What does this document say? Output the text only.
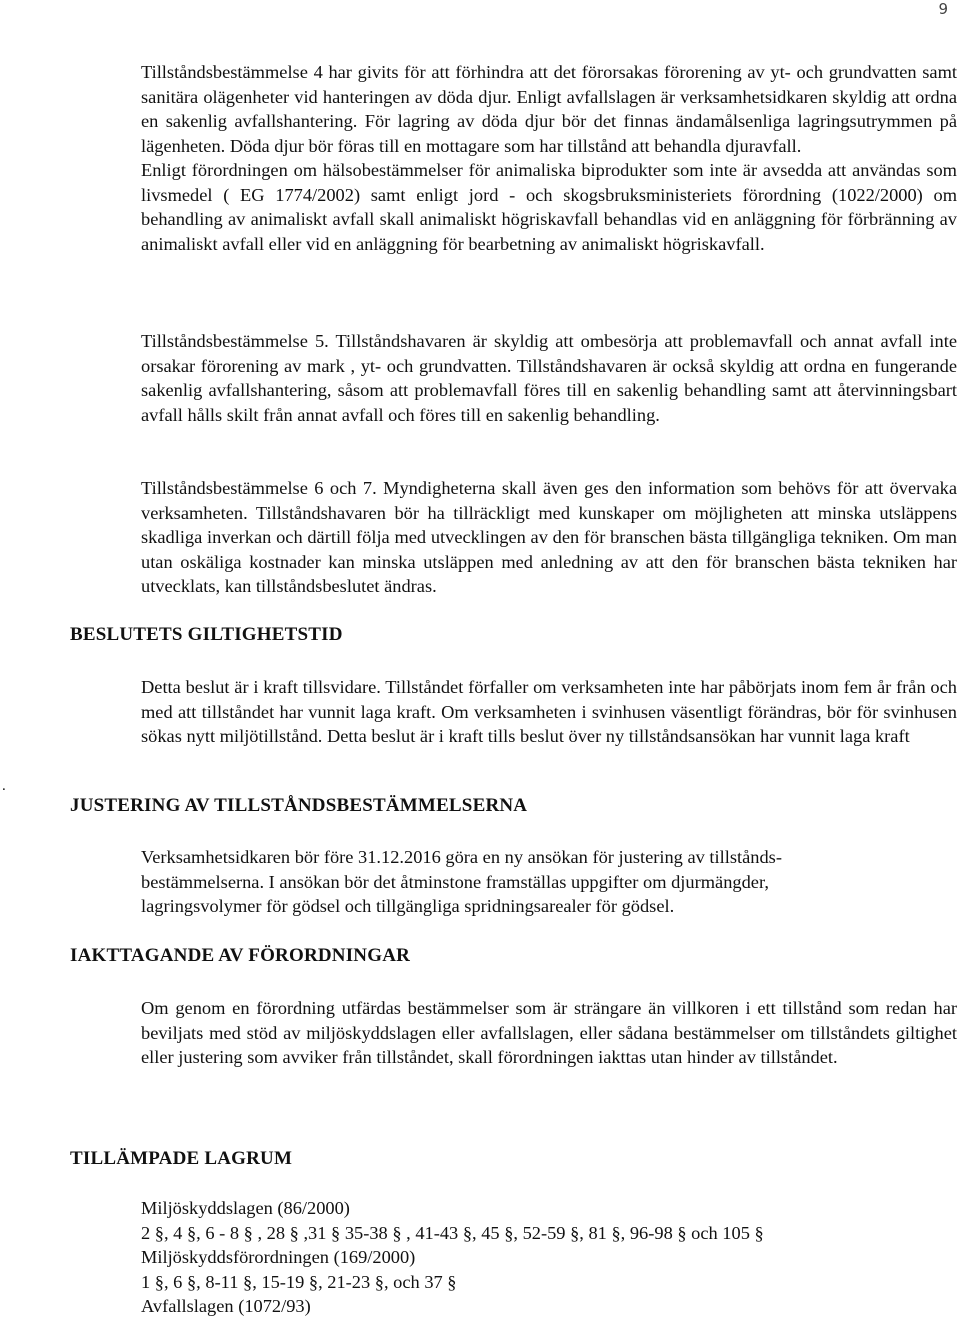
9
.

Tillståndsbestämmelse 4 har givits för att förhindra att det förorsakas förorening av yt- och grundvatten samt sanitära olägenheter vid hanteringen av döda djur. Enligt avfallslagen är verksamhetsidkaren skyldig att ordna en sakenlig avfallshantering. För lagring av döda djur bör det finnas ändamålsenliga lagringsutrymmen på lägenheten. Döda djur bör föras till en mottagare som har tillstånd att behandla djuravfall.

Enligt förordningen om hälsobestämmelser för animaliska biprodukter som inte är avsedda att användas som livsmedel ( EG 1774/2002) samt enligt jord - och skogsbruksministeriets förordning (1022/2000) om behandling av animaliskt avfall skall animaliskt högriskavfall behandlas vid en anläggning för förbränning av animaliskt avfall eller vid en anläggning för bearbetning av animaliskt högriskavfall.

Tillståndsbestämmelse 5. Tillståndshavaren är skyldig att ombesörja att problemavfall och annat avfall inte orsakar förorening av mark , yt- och grundvatten. Tillståndshavaren är också skyldig att ordna en fungerande sakenlig avfallshantering, såsom att problemavfall föres till en sakenlig behandling samt att återvinningsbart avfall hålls skilt från annat avfall och föres till en sakenlig behandling.

Tillståndsbestämmelse 6 och 7. Myndigheterna skall även ges den information som behövs för att övervaka verksamheten. Tillståndshavaren bör ha tillräckligt med kunskaper om möjligheten att minska utsläppens skadliga inverkan och därtill följa med utvecklingen av den för branschen bästa tillgängliga tekniken. Om man utan oskäliga kostnader kan minska utsläppen med anledning av att den för branschen bästa tekniken har utvecklats, kan tillståndsbeslutet ändras.

BESLUTETS GILTIGHETSTID

Detta beslut är i kraft tillsvidare. Tillståndet förfaller om verksamheten inte har påbörjats inom fem år från och med att tillståndet har vunnit laga kraft. Om verksamheten i svinhusen väsentligt förändras, bör för svinhusen sökas nytt miljötillstånd. Detta beslut är i kraft tills beslut över ny tillståndsansökan har vunnit laga kraft

JUSTERING AV TILLSTÅNDSBESTÄMMELSERNA

Verksamhetsidkaren bör före 31.12.2016 göra en ny ansökan för justering av tillstånds-
bestämmelserna. I ansökan bör det åtminstone framställas uppgifter om djurmängder,
lagringsvolymer för gödsel och tillgängliga spridningsarealer för gödsel.

IAKTTAGANDE AV FÖRORDNINGAR

Om genom en förordning utfärdas bestämmelser som är strängare än villkoren i ett tillstånd som redan har beviljats med stöd av miljöskyddslagen eller avfallslagen, eller sådana bestämmelser om tillståndets giltighet eller justering som avviker från tillståndet, skall förordningen iakttas utan hinder av tillståndet.

TILLÄMPADE LAGRUM

Miljöskyddslagen (86/2000)
2 §, 4 §, 6 - 8 § , 28 § ,31 § 35-38 § , 41-43 §, 45 §, 52-59 §, 81 §, 96-98 § och 105 §
Miljöskyddsförordningen (169/2000)
1 §, 6 §, 8-11 §, 15-19 §, 21-23 §, och 37 §
Avfallslagen (1072/93)
